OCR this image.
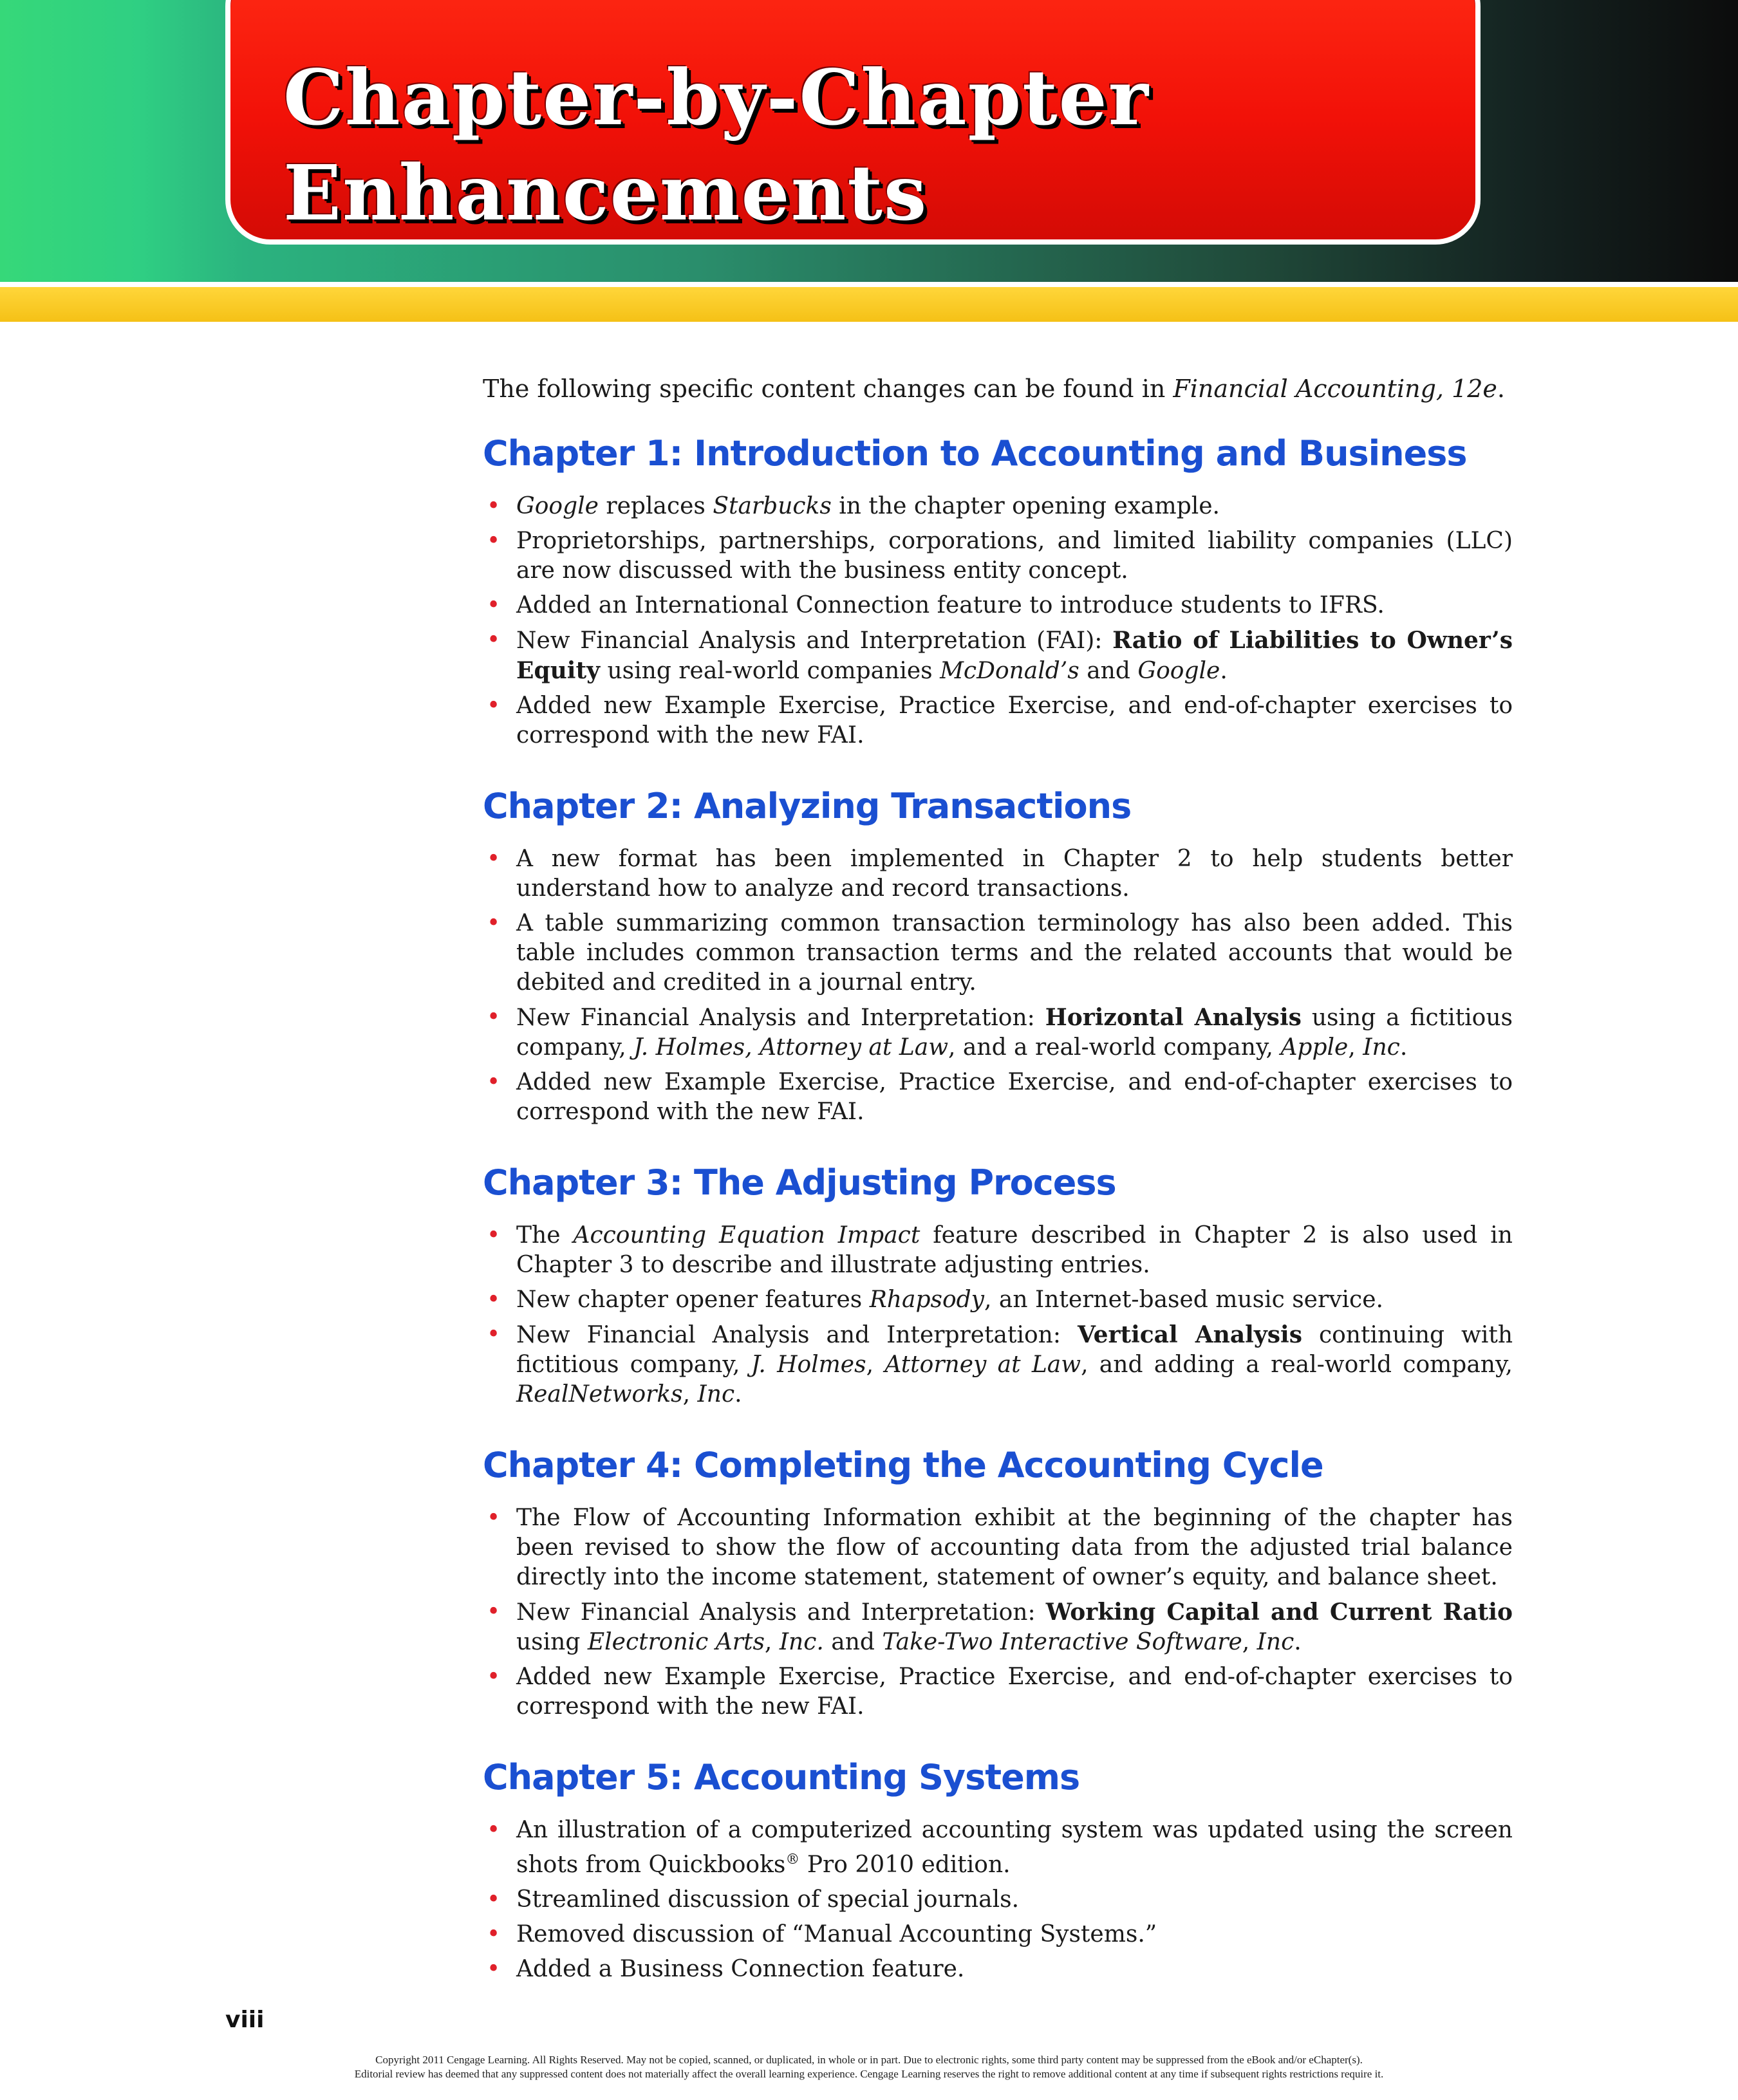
Chapter-by-Chapter
Enhancements

The following specific content changes can be found in Financial Accounting, 12e.

Chapter 1: Introduction to Accounting and Business
• Google replaces Starbucks in the chapter opening example.
• Proprietorships, partnerships, corporations, and limited liability companies (LLC) are now discussed with the business entity concept.
• Added an International Connection feature to introduce students to IFRS.
• New Financial Analysis and Interpretation (FAI): Ratio of Liabilities to Owner’s Equity using real-world companies McDonald’s and Google.
• Added new Example Exercise, Practice Exercise, and end-of-chapter exercises to correspond with the new FAI.
Chapter 2: Analyzing Transactions
• A new format has been implemented in Chapter 2 to help students better understand how to analyze and record transactions.
• A table summarizing common transaction terminology has also been added. This table includes common transaction terms and the related accounts that would be debited and credited in a journal entry.
• New Financial Analysis and Interpretation: Horizontal Analysis using a fictitious company, J. Holmes, Attorney at Law, and a real-world company, Apple, Inc.
• Added new Example Exercise, Practice Exercise, and end-of-chapter exercises to correspond with the new FAI.
Chapter 3: The Adjusting Process
• The Accounting Equation Impact feature described in Chapter 2 is also used in Chapter 3 to describe and illustrate adjusting entries.
• New chapter opener features Rhapsody, an Internet-based music service.
• New Financial Analysis and Interpretation: Vertical Analysis continuing with fictitious company, J. Holmes, Attorney at Law, and adding a real-world company, RealNetworks, Inc.
Chapter 4: Completing the Accounting Cycle
• The Flow of Accounting Information exhibit at the beginning of the chapter has been revised to show the flow of accounting data from the adjusted trial balance directly into the income statement, statement of owner’s equity, and balance sheet.
• New Financial Analysis and Interpretation: Working Capital and Current Ratio using Electronic Arts, Inc. and Take-Two Interactive Software, Inc.
• Added new Example Exercise, Practice Exercise, and end-of-chapter exercises to correspond with the new FAI.
Chapter 5: Accounting Systems
• An illustration of a computerized accounting system was updated using the screen shots from Quickbooks® Pro 2010 edition.
• Streamlined discussion of special journals.
• Removed discussion of “Manual Accounting Systems.”
• Added a Business Connection feature.

viii

Copyright 2011 Cengage Learning. All Rights Reserved. May not be copied, scanned, or duplicated, in whole or in part. Due to electronic rights, some third party content may be suppressed from the eBook and/or eChapter(s).
Editorial review has deemed that any suppressed content does not materially affect the overall learning experience. Cengage Learning reserves the right to remove additional content at any time if subsequent rights restrictions require it.
